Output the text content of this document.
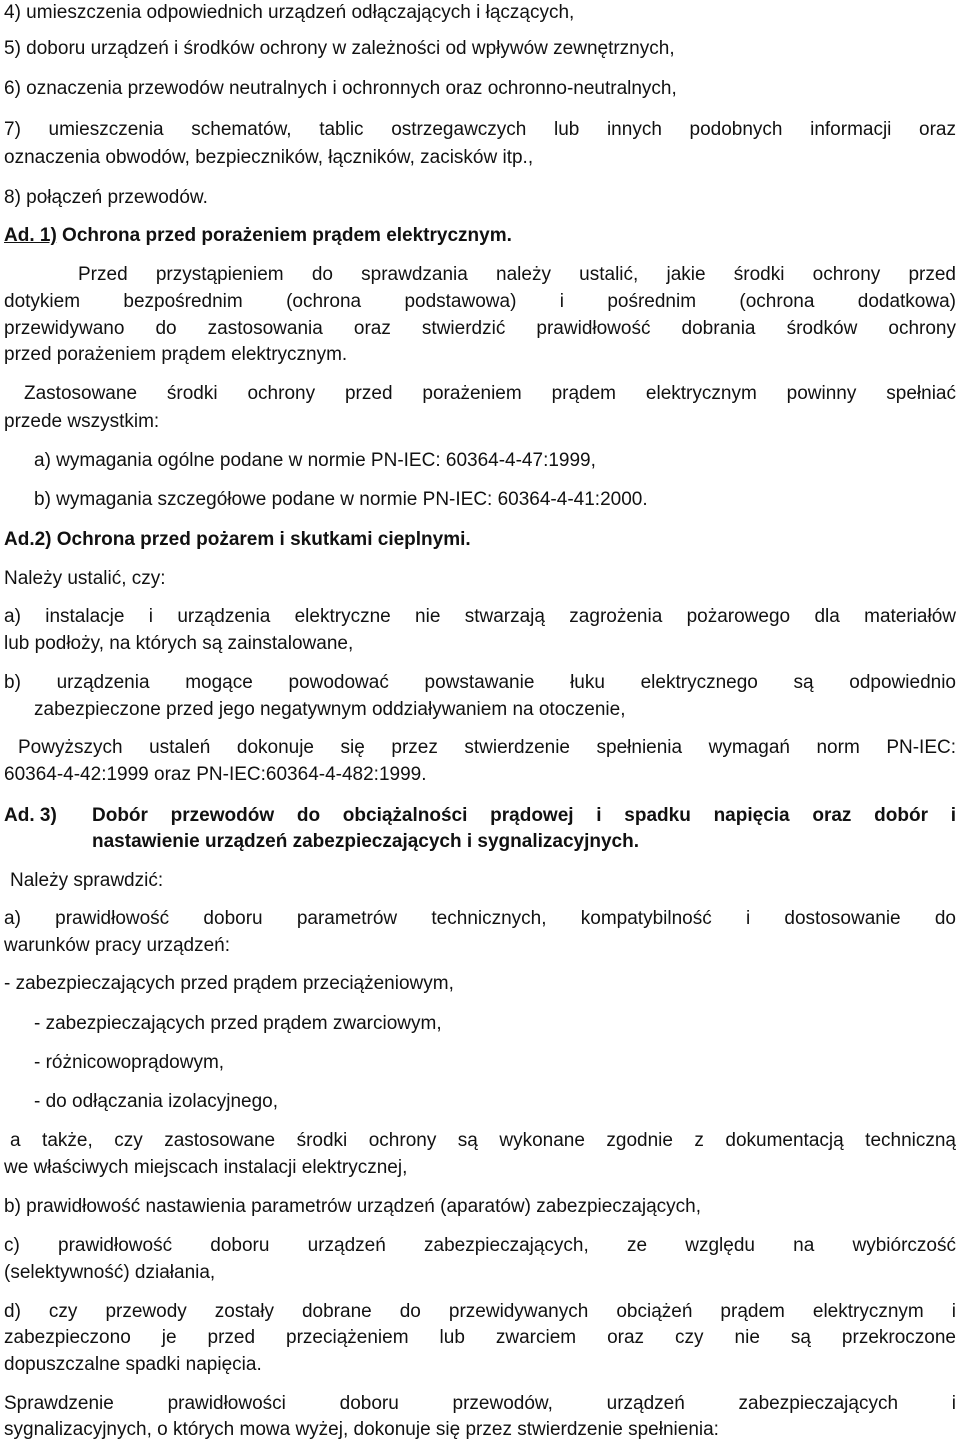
4) umieszczenia odpowiednich urządzeń odłączających i łączących,
5) doboru urządzeń i środków ochrony w zależności od wpływów zewnętrznych,
6) oznaczenia przewodów neutralnych i ochronnych oraz ochronno-neutralnych,
7) umieszczenia schematów, tablic ostrzegawczych lub innych podobnych informacji oraz
oznaczenia obwodów, bezpieczników, łączników, zacisków itp.,
8) połączeń przewodów.
Ad. 1) Ochrona przed porażeniem prądem elektrycznym.
Przed przystąpieniem do sprawdzania należy ustalić, jakie środki ochrony przed
dotykiem bezpośrednim (ochrona podstawowa) i pośrednim (ochrona dodatkowa)
przewidywano do zastosowania oraz stwierdzić prawidłowość dobrania środków ochrony
przed porażeniem prądem elektrycznym.
Zastosowane środki ochrony przed porażeniem prądem elektrycznym powinny spełniać
przede wszystkim:
a) wymagania ogólne podane w normie PN-IEC: 60364-4-47:1999,
b) wymagania szczegółowe podane w normie PN-IEC: 60364-4-41:2000.
Ad.2) Ochrona przed pożarem i skutkami cieplnymi.
Należy ustalić, czy:
a) instalacje i urządzenia elektryczne nie stwarzają zagrożenia pożarowego dla materiałów
lub podłoży, na których są zainstalowane,
b) urządzenia mogące powodować powstawanie łuku elektrycznego są odpowiednio
zabezpieczone przed jego negatywnym oddziaływaniem na otoczenie,
Powyższych ustaleń dokonuje się przez stwierdzenie spełnienia wymagań norm PN-IEC:
60364-4-42:1999 oraz PN-IEC:60364-4-482:1999.
Ad. 3)	Dobór przewodów do obciążalności prądowej i spadku napięcia oraz dobór i
nastawienie urządzeń zabezpieczających i sygnalizacyjnych.
Należy sprawdzić:
a) prawidłowość doboru parametrów technicznych, kompatybilność i dostosowanie do
warunków pracy urządzeń:
- zabezpieczających przed prądem przeciążeniowym,
- zabezpieczających przed prądem zwarciowym,
- różnicowoprądowym,
- do odłączania izolacyjnego,
a także, czy zastosowane środki ochrony są wykonane zgodnie z dokumentacją techniczną
we właściwych miejscach instalacji elektrycznej,
b) prawidłowość nastawienia parametrów urządzeń (aparatów) zabezpieczających,
c) prawidłowość doboru urządzeń zabezpieczających, ze względu na wybiórczość
(selektywność) działania,
d) czy przewody zostały dobrane do przewidywanych obciążeń prądem elektrycznym i
zabezpieczono je przed przeciążeniem lub zwarciem oraz czy nie są przekroczone
dopuszczalne spadki napięcia.
Sprawdzenie prawidłowości doboru przewodów, urządzeń zabezpieczających i
sygnalizacyjnych, o których mowa wyżej, dokonuje się przez stwierdzenie spełnienia:
